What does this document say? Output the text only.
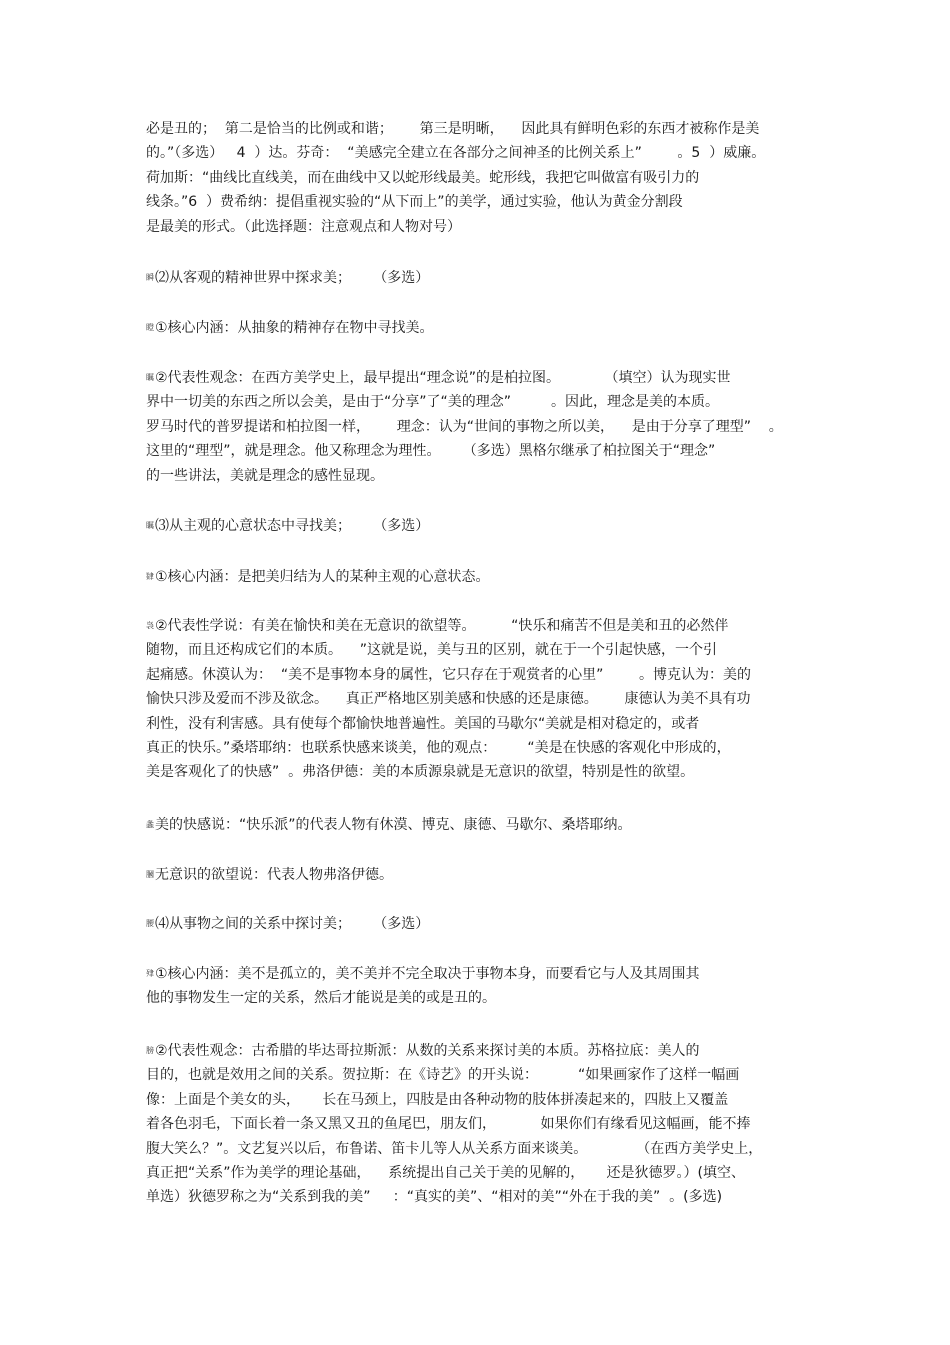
必是丑的；  第二是恰当的比例或和谐；      第三是明晰，    因此具有鲜明色彩的东西才被称作是美
的。”（多选）   4  ）达。芬奇：  “美感完全建立在各部分之间神圣的比例关系上”        。5  ）威廉。
荷加斯：“曲线比直线美，而在曲线中又以蛇形线最美。蛇形线，我把它叫做富有吸引力的
线条。”6  ）费希纳：提倡重视实验的“从下而上”的美学，通过实验，他认为黄金分割段
是最美的形式。（此选择题：注意观点和人物对号）
瞬⑵从客观的精神世界中探求美；     （多选）
瞪①核心内涵：从抽象的精神存在物中寻找美。
瞩②代表性观念：在西方美学史上，最早提出“理念说”的是柏拉图。          （填空）认为现实世
界中一切美的东西之所以会美，是由于“分享”了“美的理念”         。因此，理念是美的本质。
罗马时代的普罗提诺和柏拉图一样，      理念：认为“世间的事物之所以美，    是由于分享了理型”    。
这里的“理型”，就是理念。他又称理念为理性。     （多选）黑格尔继承了柏拉图关于“理念”
的一些讲法，美就是理念的感性显现。
瞩⑶从主观的心意状态中寻找美；     （多选）
肄①核心内涵：是把美归结为人的某种主观的心意状态。
袅②代表性学说：有美在愉快和美在无意识的欲望等。        “快乐和痛苦不但是美和丑的必然伴
随物，而且还构成它们的本质。    ”这就是说，美与丑的区别，就在于一个引起快感，一个引
起痛感。休漠认为：  “美不是事物本身的属性，它只存在于观赏者的心里”        。博克认为：美的
愉快只涉及爱而不涉及欲念。    真正严格地区别美感和快感的还是康德。      康德认为美不具有功
利性，没有利害感。具有使每个都愉快地普遍性。美国的马歇尔“美就是相对稳定的，或者
真正的快乐。”桑塔耶纳：也联系快感来谈美，他的观点：       “美是在快感的客观化中形成的，
美是客观化了的快感”  。弗洛伊德：美的本质源泉就是无意识的欲望，特别是性的欲望。
螽美的快感说：“快乐派”的代表人物有休漠、博克、康德、马歇尔、桑塔耶纳。
膕无意识的欲望说：代表人物弗洛伊德。
腰⑷从事物之间的关系中探讨美；     （多选）
肂①核心内涵：美不是孤立的，美不美并不完全取决于事物本身，而要看它与人及其周围其
他的事物发生一定的关系，然后才能说是美的或是丑的。
膀②代表性观念：古希腊的毕达哥拉斯派：从数的关系来探讨美的本质。苏格拉底：美人的
目的，也就是效用之间的关系。贺拉斯：在《诗艺》的开头说：         “如果画家作了这样一幅画
像：上面是个美女的头，     长在马颈上，四肢是由各种动物的肢体拼凑起来的，四肢上又覆盖
着各色羽毛，下面长着一条又黑又丑的鱼尾巴，朋友们，          如果你们有缘看见这幅画，能不捧
腹大笑么？”。文艺复兴以后，布鲁诺、笛卡儿等人从关系方面来谈美。           （在西方美学史上，
真正把“关系”作为美学的理论基础，    系统提出自己关于美的见解的，     还是狄德罗。）(填空、
单选）狄德罗称之为“关系到我的美”     ：“真实的美”、“相对的美”“外在于我的美”  。(多选)
